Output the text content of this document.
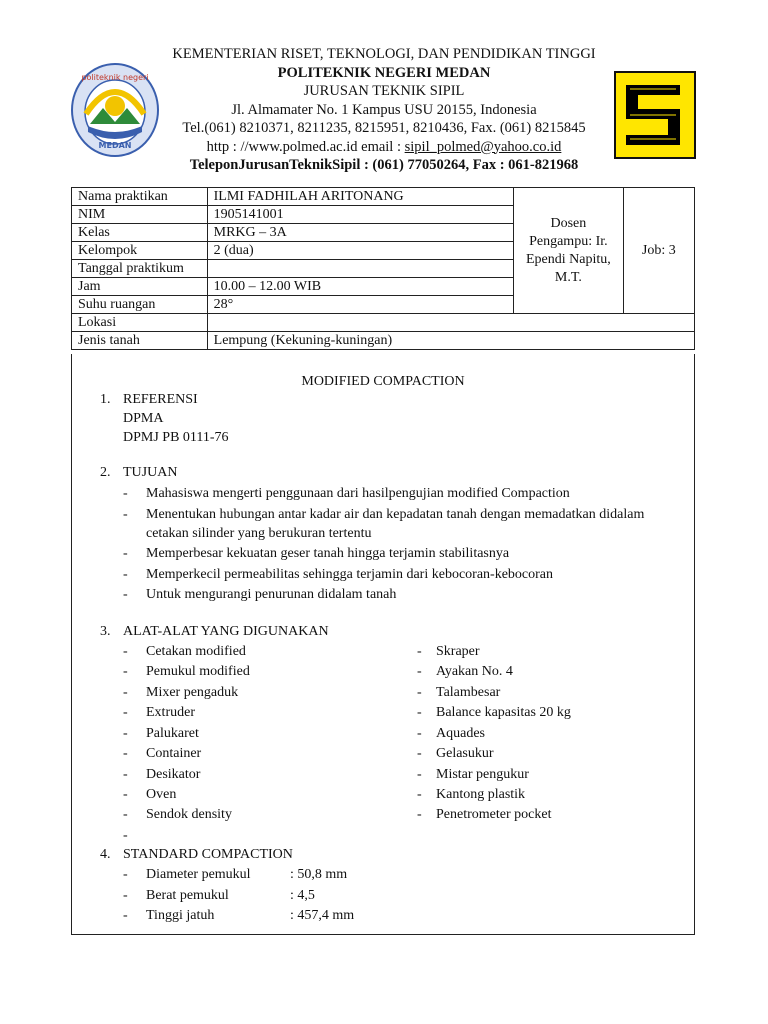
politeknik negeri
MEDAN
KEMENTERIAN RISET, TEKNOLOGI, DAN PENDIDIKAN TINGGI
POLITEKNIK NEGERI MEDAN
JURUSAN TEKNIK SIPIL
Jl. Almamater No. 1 Kampus USU 20155, Indonesia
Tel.(061) 8210371, 8211235, 8215951, 8210436, Fax. (061) 8215845
http : //www.polmed.ac.id email : sipil_polmed@yahoo.co.id
TeleponJurusanTeknikSipil : (061) 77050264, Fax : 061-821968
Nama praktikan	ILMI FADHILAH ARITONANG	Dosen Pengampu: Ir. Ependi Napitu, M.T.	Job: 3
NIM	1905141001		
Kelas	MRKG – 3A		
Kelompok	2 (dua)		
Tanggal praktikum			
Jam	10.00 – 12.00 WIB		
Suhu ruangan	28°		
Lokasi			
Jenis tanah	Lempung (Kekuning-kuningan)		
MODIFIED COMPACTION
1. REFERENSI
DPMA
DPMJ PB 0111-76
2. TUJUAN
- Mahasiswa mengerti penggunaan dari hasilpengujian modified Compaction
- Menentukan hubungan antar kadar air dan kepadatan tanah dengan memadatkan didalam
cetakan silinder yang berukuran tertentu
- Memperbesar kekuatan geser tanah hingga terjamin stabilitasnya
- Memperkecil permeabilitas sehingga terjamin dari kebocoran-kebocoran
- Untuk mengurangi penurunan didalam tanah
3. ALAT-ALAT YANG DIGUNAKAN
- Cetakan modified
- Pemukul modified
- Mixer pengaduk
- Extruder
- Palukaret
- Container
- Desikator
- Oven
- Sendok density
-
- Skraper
- Ayakan No. 4
- Talambesar
- Balance kapasitas 20 kg
- Aquades
- Gelasukur
- Mistar pengukur
- Kantong plastik
- Penetrometer pocket
4. STANDARD COMPACTION
- Diameter pemukul	: 50,8 mm
- Berat pemukul	: 4,5
- Tinggi jatuh	: 457,4 mm
